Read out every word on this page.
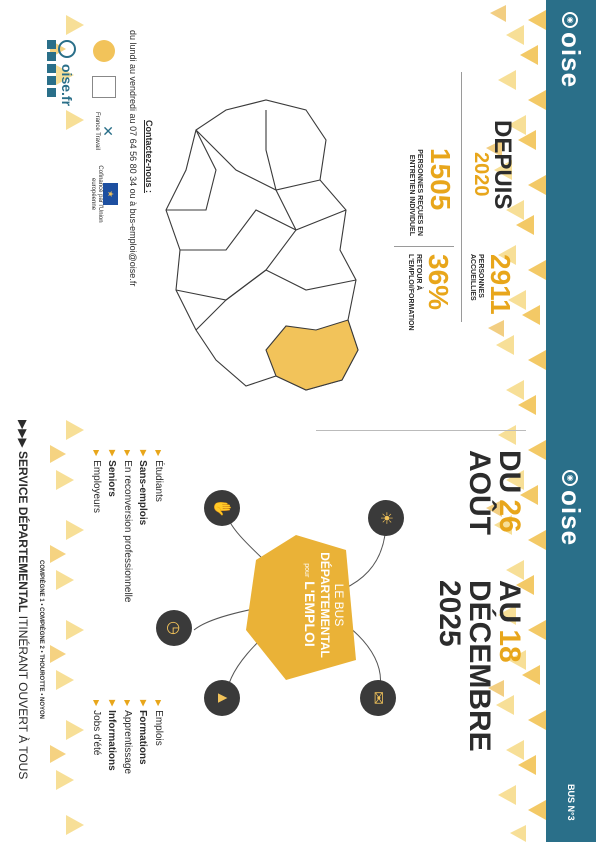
◉
oise
◉
oise
BUS N°3
DEPUIS
2020
1505
PERSONNES REÇUES EN ENTRETIEN INDIVIDUEL
2911
PERSONNES ACCUEILLIES
36%
RETOUR À L'EMPLOI/FORMATION
Contactez-nous :
du lundi au vendredi au 07 64 56 80 34 ou à bus-emploi@oise.fr
✕
France Travail
★
Cofinancé par l'Union européenne
oise.fr
▶▶▶ SERVICE DÉPARTEMENTAL ITINÉRANT OUVERT À TOUS COMPIÈGNE 1 • COMPIÈGNE 2 • THOUROTTE • NOYON
DU
26
AOÛT
AU
18
DÉCEMBRE
2025
LE BUS
DÉPARTEMENTAL
pour L'EMPLOI
☀
✉
✋
▲
◷
▶
Étudiants
▶
Sans-emplois
▶
En reconversion professionnelle
▶
Seniors
▶
Employeurs
▶
Emplois
▶
Formations
▶
Apprentissage
▶
Informations
▶
Jobs d'été
